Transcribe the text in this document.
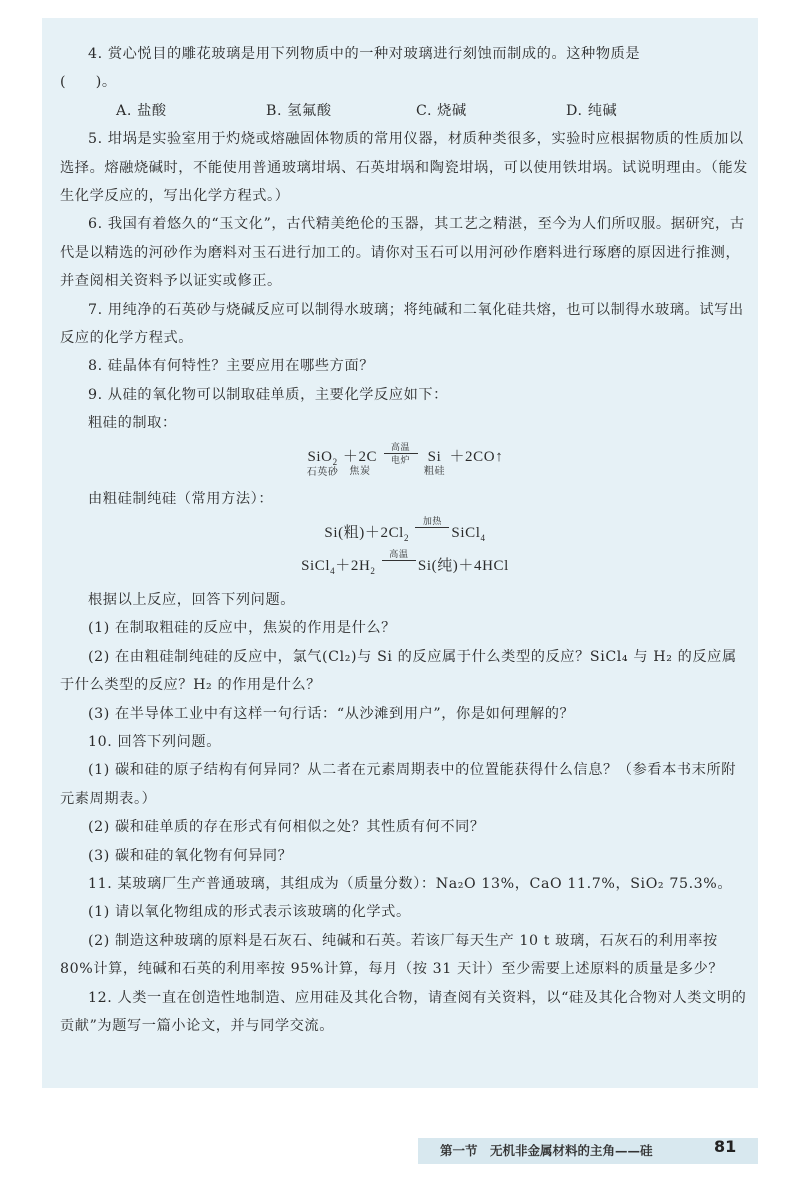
4. 赏心悦目的雕花玻璃是用下列物质中的一种对玻璃进行刻蚀而制成的。这种物质是

(　　)。

A. 盐酸	B. 氢氟酸	C. 烧碱	D. 纯碱

5. 坩埚是实验室用于灼烧或熔融固体物质的常用仪器，材质种类很多，实验时应根据物质的性质加以选择。熔融烧碱时，不能使用普通玻璃坩埚、石英坩埚和陶瓷坩埚，可以使用铁坩埚。试说明理由。（能发生化学反应的，写出化学方程式。）

6. 我国有着悠久的“玉文化”，古代精美绝伦的玉器，其工艺之精湛，至今为人们所叹服。据研究，古代是以精选的河砂作为磨料对玉石进行加工的。请你对玉石可以用河砂作磨料进行琢磨的原因进行推测，并查阅相关资料予以证实或修正。

7. 用纯净的石英砂与烧碱反应可以制得水玻璃；将纯碱和二氧化硅共熔，也可以制得水玻璃。试写出反应的化学方程式。

8. 硅晶体有何特性？主要应用在哪些方面？

9. 从硅的氧化物可以制取硅单质，主要化学反应如下：

粗硅的制取：

SiO$_2$
石英砂

＋2C
焦炭

高温
电炉
Si
粗硅

＋2CO↑

由粗硅制纯硅（常用方法）：

Si(粗)$+2Cl_2$
加热

SiCl$_4$
$SiCl_4+2H_2$
高温

Si(纯)＋4HCl

根据以上反应，回答下列问题。

(1) 在制取粗硅的反应中，焦炭的作用是什么？

(2) 在由粗硅制纯硅的反应中，氯气(Cl₂)与 Si 的反应属于什么类型的反应？SiCl₄ 与 H₂ 的反应属于什么类型的反应？H₂ 的作用是什么？

(3) 在半导体工业中有这样一句行话：“从沙滩到用户”，你是如何理解的？

10. 回答下列问题。

(1) 碳和硅的原子结构有何异同？从二者在元素周期表中的位置能获得什么信息？（参看本书末所附元素周期表。）

(2) 碳和硅单质的存在形式有何相似之处？其性质有何不同？

(3) 碳和硅的氧化物有何异同？

11. 某玻璃厂生产普通玻璃，其组成为（质量分数）：Na₂O 13%，CaO 11.7%，SiO₂ 75.3%。

(1) 请以氧化物组成的形式表示该玻璃的化学式。

(2) 制造这种玻璃的原料是石灰石、纯碱和石英。若该厂每天生产 10 t 玻璃，石灰石的利用率按 80%计算，纯碱和石英的利用率按 95%计算，每月（按 31 天计）至少需要上述原料的质量是多少？

12. 人类一直在创造性地制造、应用硅及其化合物，请查阅有关资料，以“硅及其化合物对人类文明的贡献”为题写一篇小论文，并与同学交流。

第一节　无机非金属材料的主角——硅	81
